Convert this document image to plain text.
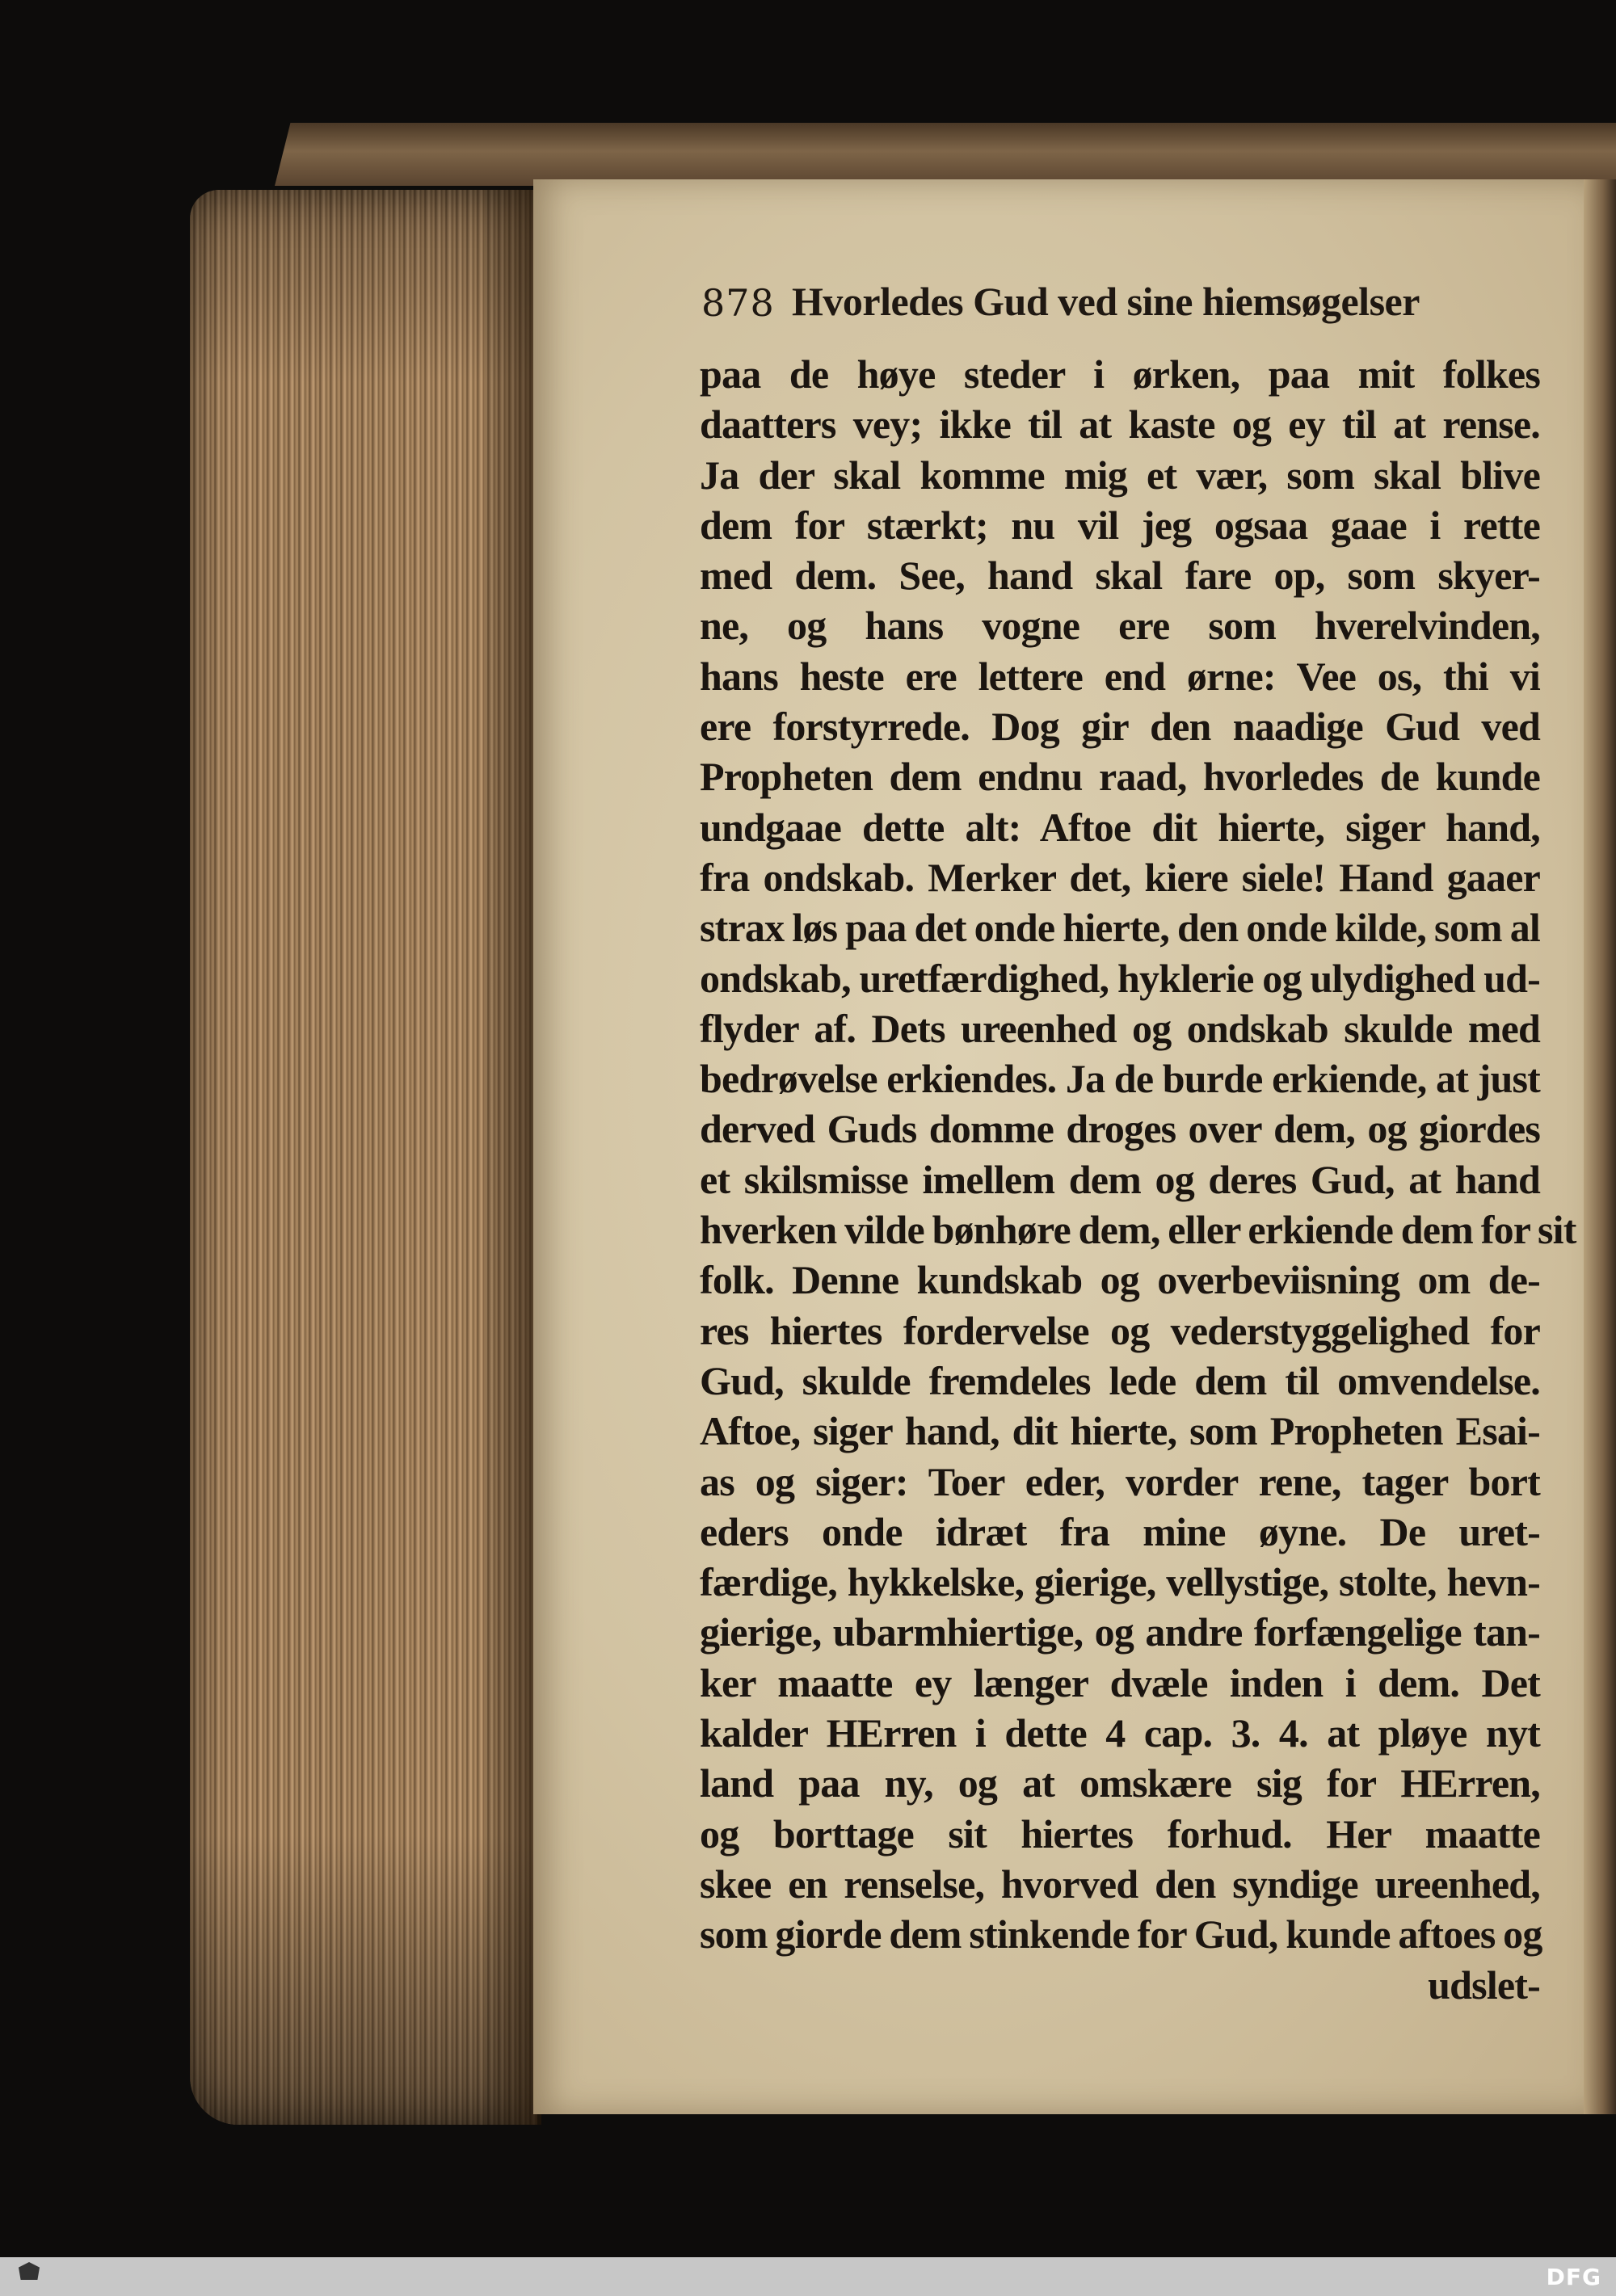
878 Hvorledes Gud ved sine hiemsøgelser
paa de høye steder i ørken, paa mit folkes
daatters vey; ikke til at kaste og ey til at rense.
Ja der skal komme mig et vær, som skal blive
dem for stærkt; nu vil jeg ogsaa gaae i rette
med dem. See, hand skal fare op, som skyer-
ne, og hans vogne ere som hverelvinden,
hans heste ere lettere end ørne: Vee os, thi vi
ere forstyrrede. Dog gir den naadige Gud ved
Propheten dem endnu raad, hvorledes de kunde
undgaae dette alt: Aftoe dit hierte, siger hand,
fra ondskab. Merker det, kiere siele! Hand gaaer
strax løs paa det onde hierte, den onde kilde, som al
ondskab, uretfærdighed, hyklerie og ulydighed ud-
flyder af. Dets ureenhed og ondskab skulde med
bedrøvelse erkiendes. Ja de burde erkiende, at just
derved Guds domme droges over dem, og giordes
et skilsmisse imellem dem og deres Gud, at hand
hverken vilde bønhøre dem, eller erkiende dem for sit
folk. Denne kundskab og overbeviisning om de-
res hiertes fordervelse og vederstyggelighed for
Gud, skulde fremdeles lede dem til omvendelse.
Aftoe, siger hand, dit hierte, som Propheten Esai-
as og siger: Toer eder, vorder rene, tager bort
eders onde idræt fra mine øyne. De uret-
færdige, hykkelske, gierige, vellystige, stolte, hevn-
gierige, ubarmhiertige, og andre forfængelige tan-
ker maatte ey længer dvæle inden i dem. Det
kalder HErren i dette 4 cap. 3. 4. at pløye nyt
land paa ny, og at omskære sig for HErren,
og borttage sit hiertes forhud. Her maatte
skee en renselse, hvorved den syndige ureenhed,
som giorde dem stinkende for Gud, kunde aftoes og
udslet-
DFG
